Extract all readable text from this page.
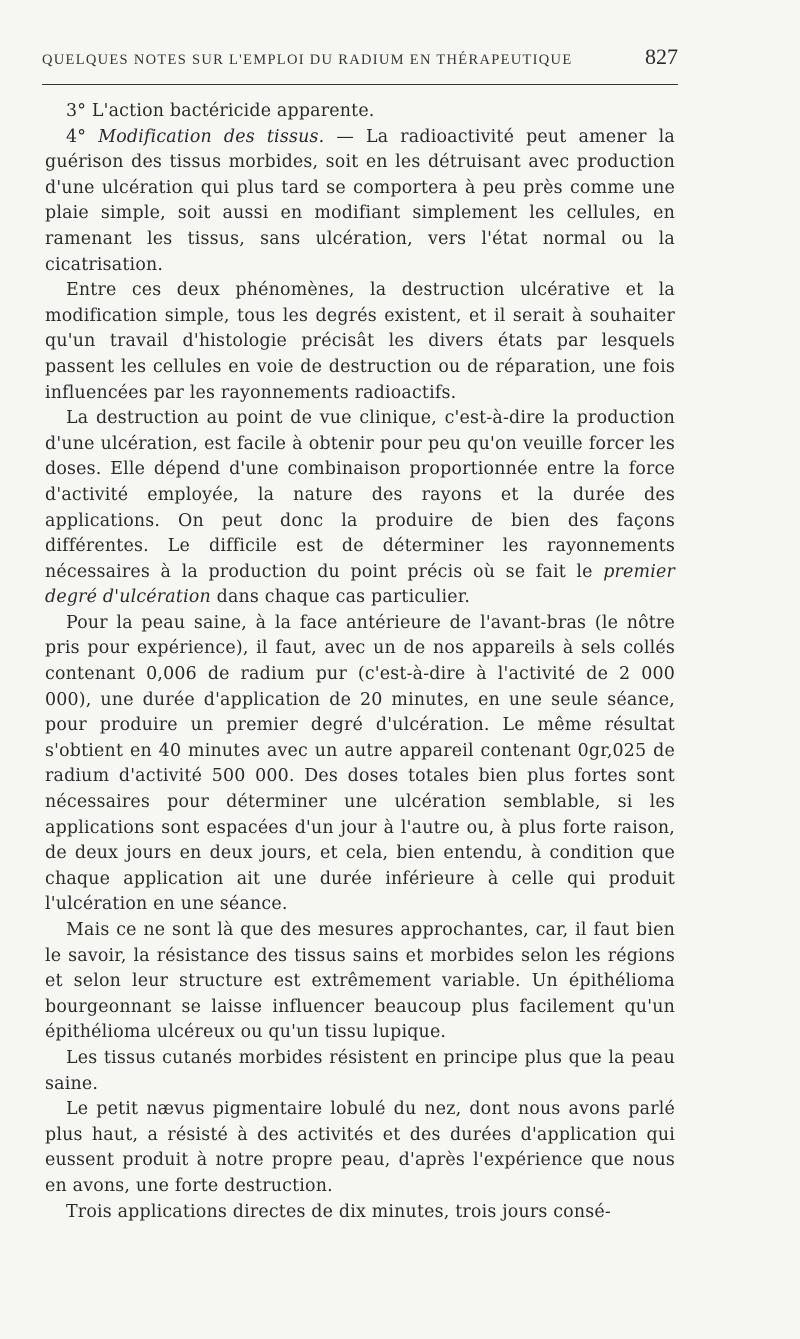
QUELQUES NOTES SUR L'EMPLOI DU RADIUM EN THÉRAPEUTIQUE	827

3° L'action bactéricide apparente.

4° Modification des tissus. — La radioactivité peut amener la guérison des tissus morbides, soit en les détruisant avec production d'une ulcération qui plus tard se comportera à peu près comme une plaie simple, soit aussi en modifiant simplement les cellules, en ramenant les tissus, sans ulcération, vers l'état normal ou la cicatrisation.

Entre ces deux phénomènes, la destruction ulcérative et la modification simple, tous les degrés existent, et il serait à souhaiter qu'un travail d'histologie précisât les divers états par lesquels passent les cellules en voie de destruction ou de réparation, une fois influencées par les rayonnements radioactifs.

La destruction au point de vue clinique, c'est-à-dire la production d'une ulcération, est facile à obtenir pour peu qu'on veuille forcer les doses. Elle dépend d'une combinaison proportionnée entre la force d'activité employée, la nature des rayons et la durée des applications. On peut donc la produire de bien des façons différentes. Le difficile est de déterminer les rayonnements nécessaires à la production du point précis où se fait le premier degré d'ulcération dans chaque cas particulier.

Pour la peau saine, à la face antérieure de l'avant-bras (le nôtre pris pour expérience), il faut, avec un de nos appareils à sels collés contenant 0,006 de radium pur (c'est-à-dire à l'activité de 2 000 000), une durée d'application de 20 minutes, en une seule séance, pour produire un premier degré d'ulcération. Le même résultat s'obtient en 40 minutes avec un autre appareil contenant 0gr,025 de radium d'activité 500 000. Des doses totales bien plus fortes sont nécessaires pour déterminer une ulcération semblable, si les applications sont espacées d'un jour à l'autre ou, à plus forte raison, de deux jours en deux jours, et cela, bien entendu, à condition que chaque application ait une durée inférieure à celle qui produit l'ulcération en une séance.

Mais ce ne sont là que des mesures approchantes, car, il faut bien le savoir, la résistance des tissus sains et morbides selon les régions et selon leur structure est extrêmement variable. Un épithélioma bourgeonnant se laisse influencer beaucoup plus facilement qu'un épithélioma ulcéreux ou qu'un tissu lupique.

Les tissus cutanés morbides résistent en principe plus que la peau saine.

Le petit nævus pigmentaire lobulé du nez, dont nous avons parlé plus haut, a résisté à des activités et des durées d'application qui eussent produit à notre propre peau, d'après l'expérience que nous en avons, une forte destruction.

Trois applications directes de dix minutes, trois jours consé-
